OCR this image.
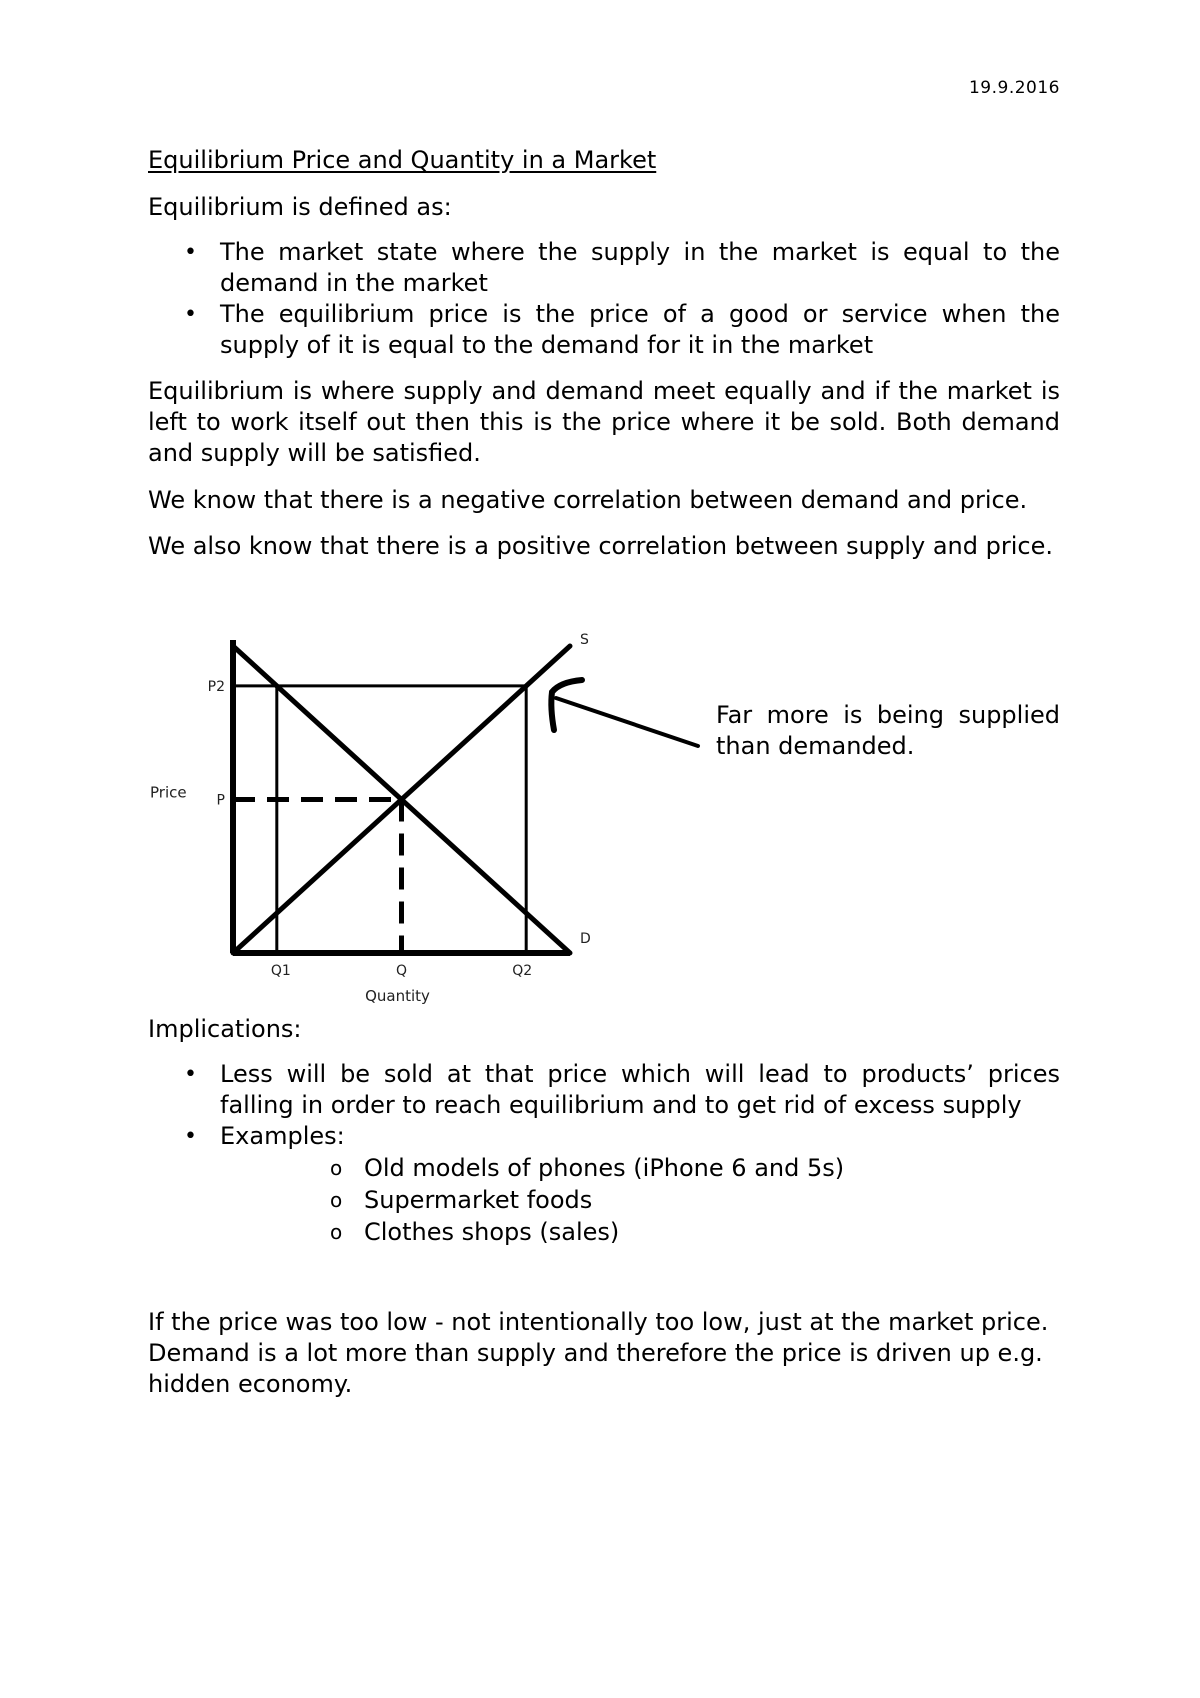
19.9.2016
Equilibrium Price and Quantity in a Market
Equilibrium is defined as:
• The market state where the supply in the market is equal to the demand in the market
• The equilibrium price is the price of a good or service when the supply of it is equal to the demand for it in the market
Equilibrium is where supply and demand meet equally and if the market is left to work itself out then this is the price where it be sold. Both demand and supply will be satisfied.
We know that there is a negative correlation between demand and price.
We also know that there is a positive correlation between supply and price.
S
D
P2
P
Q1	Q	Q2
Quantity
Price
Far more is being supplied than demanded.
Implications:
• Less will be sold at that price which will lead to products’ prices falling in order to reach equilibrium and to get rid of excess supply
• Examples:
o Old models of phones (iPhone 6 and 5s)
o Supermarket foods
o Clothes shops (sales)
If the price was too low - not intentionally too low, just at the market price. Demand is a lot more than supply and therefore the price is driven up e.g. hidden economy.
